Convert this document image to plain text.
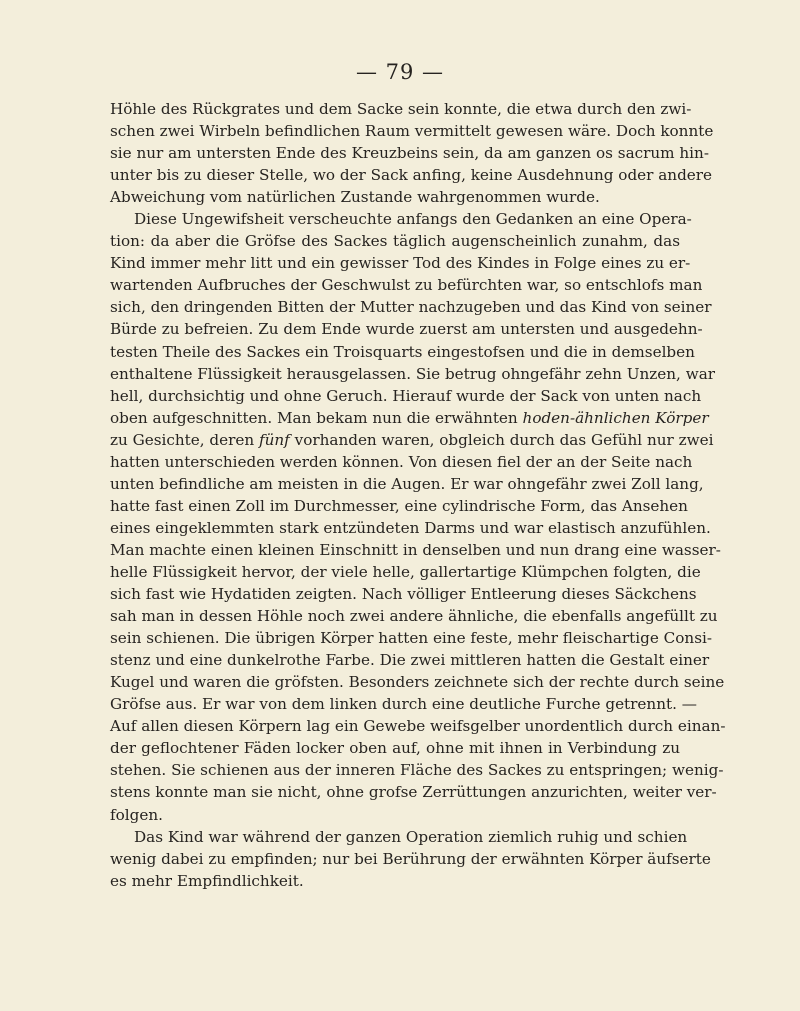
— 79 —
Höhle des Rückgrates und dem Sacke sein konnte, die etwa durch den zwi-
schen zwei Wirbeln befindlichen Raum vermittelt gewesen wäre. Doch konnte
sie nur am untersten Ende des Kreuzbeins sein, da am ganzen os sacrum hin-
unter bis zu dieser Stelle, wo der Sack anfing, keine Ausdehnung oder andere
Abweichung vom natürlichen Zustande wahrgenommen wurde.
Diese Ungewifsheit verscheuchte anfangs den Gedanken an eine Opera-
tion: da aber die Gröfse des Sackes täglich augenscheinlich zunahm, das
Kind immer mehr litt und ein gewisser Tod des Kindes in Folge eines zu er-
wartenden Aufbruches der Geschwulst zu befürchten war, so entschlofs man
sich, den dringenden Bitten der Mutter nachzugeben und das Kind von seiner
Bürde zu befreien. Zu dem Ende wurde zuerst am untersten und ausgedehn-
testen Theile des Sackes ein Troisquarts eingestofsen und die in demselben
enthaltene Flüssigkeit herausgelassen. Sie betrug ohngefähr zehn Unzen, war
hell, durchsichtig und ohne Geruch. Hierauf wurde der Sack von unten nach
oben aufgeschnitten. Man bekam nun die erwähnten hoden-ähnlichen Körper
zu Gesichte, deren fünf vorhanden waren, obgleich durch das Gefühl nur zwei
hatten unterschieden werden können. Von diesen fiel der an der Seite nach
unten befindliche am meisten in die Augen. Er war ohngefähr zwei Zoll lang,
hatte fast einen Zoll im Durchmesser, eine cylindrische Form, das Ansehen
eines eingeklemmten stark entzündeten Darms und war elastisch anzufühlen.
Man machte einen kleinen Einschnitt in denselben und nun drang eine wasser-
helle Flüssigkeit hervor, der viele helle, gallertartige Klümpchen folgten, die
sich fast wie Hydatiden zeigten. Nach völliger Entleerung dieses Säckchens
sah man in dessen Höhle noch zwei andere ähnliche, die ebenfalls angefüllt zu
sein schienen. Die übrigen Körper hatten eine feste, mehr fleischartige Consi-
stenz und eine dunkelrothe Farbe. Die zwei mittleren hatten die Gestalt einer
Kugel und waren die gröfsten. Besonders zeichnete sich der rechte durch seine
Gröfse aus. Er war von dem linken durch eine deutliche Furche getrennt. —
Auf allen diesen Körpern lag ein Gewebe weifsgelber unordentlich durch einan-
der geflochtener Fäden locker oben auf, ohne mit ihnen in Verbindung zu
stehen. Sie schienen aus der inneren Fläche des Sackes zu entspringen; wenig-
stens konnte man sie nicht, ohne grofse Zerrüttungen anzurichten, weiter ver-
folgen.
Das Kind war während der ganzen Operation ziemlich ruhig und schien
wenig dabei zu empfinden; nur bei Berührung der erwähnten Körper äufserte
es mehr Empfindlichkeit.
